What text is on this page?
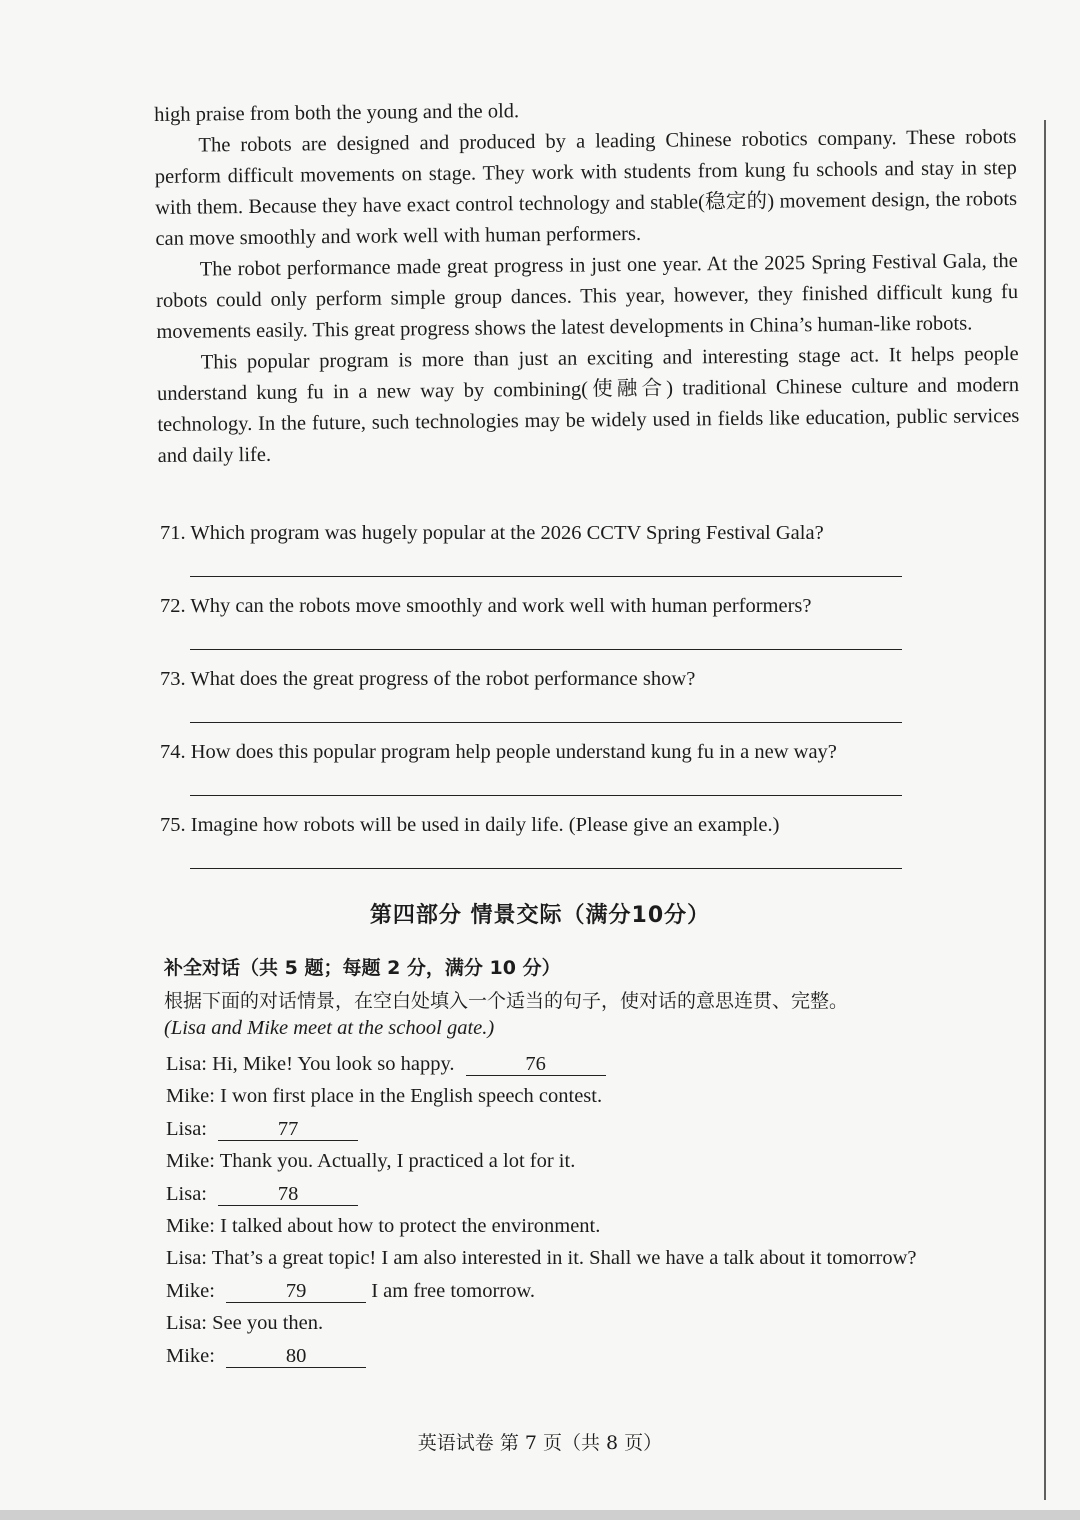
high praise from both the young and the old.

The robots are designed and produced by a leading Chinese robotics company. These robots perform difficult movements on stage. They work with students from kung fu schools and stay in step with them. Because they have exact control technology and stable(稳定的) movement design, the robots can move smoothly and work well with human performers.

The robot performance made great progress in just one year. At the 2025 Spring Festival Gala, the robots could only perform simple group dances. This year, however, they finished difficult kung fu movements easily. This great progress shows the latest developments in China’s human-like robots.

This popular program is more than just an exciting and interesting stage act. It helps people understand kung fu in a new way by combining(使融合) traditional Chinese culture and modern technology. In the future, such technologies may be widely used in fields like education, public services and daily life.

71. Which program was hugely popular at the 2026 CCTV Spring Festival Gala?
72. Why can the robots move smoothly and work well with human performers?
73. What does the great progress of the robot performance show?
74. How does this popular program help people understand kung fu in a new way?
75. Imagine how robots will be used in daily life. (Please give an example.)
第四部分 情景交际（满分10分）
补全对话（共 5 题；每题 2 分，满分 10 分）
根据下面的对话情景，在空白处填入一个适当的句子，使对话的意思连贯、完整。
(Lisa and Mike meet at the school gate.)
Lisa: Hi, Mike! You look so happy.	76
Mike: I won first place in the English speech contest.
Lisa:	77
Mike: Thank you. Actually, I practiced a lot for it.
Lisa:	78
Mike: I talked about how to protect the environment.
Lisa: That’s a great topic! I am also interested in it. Shall we have a talk about it tomorrow?
Mike:	79	I am free tomorrow.
Lisa: See you then.
Mike:	80
英语试卷 第 7 页（共 8 页）
